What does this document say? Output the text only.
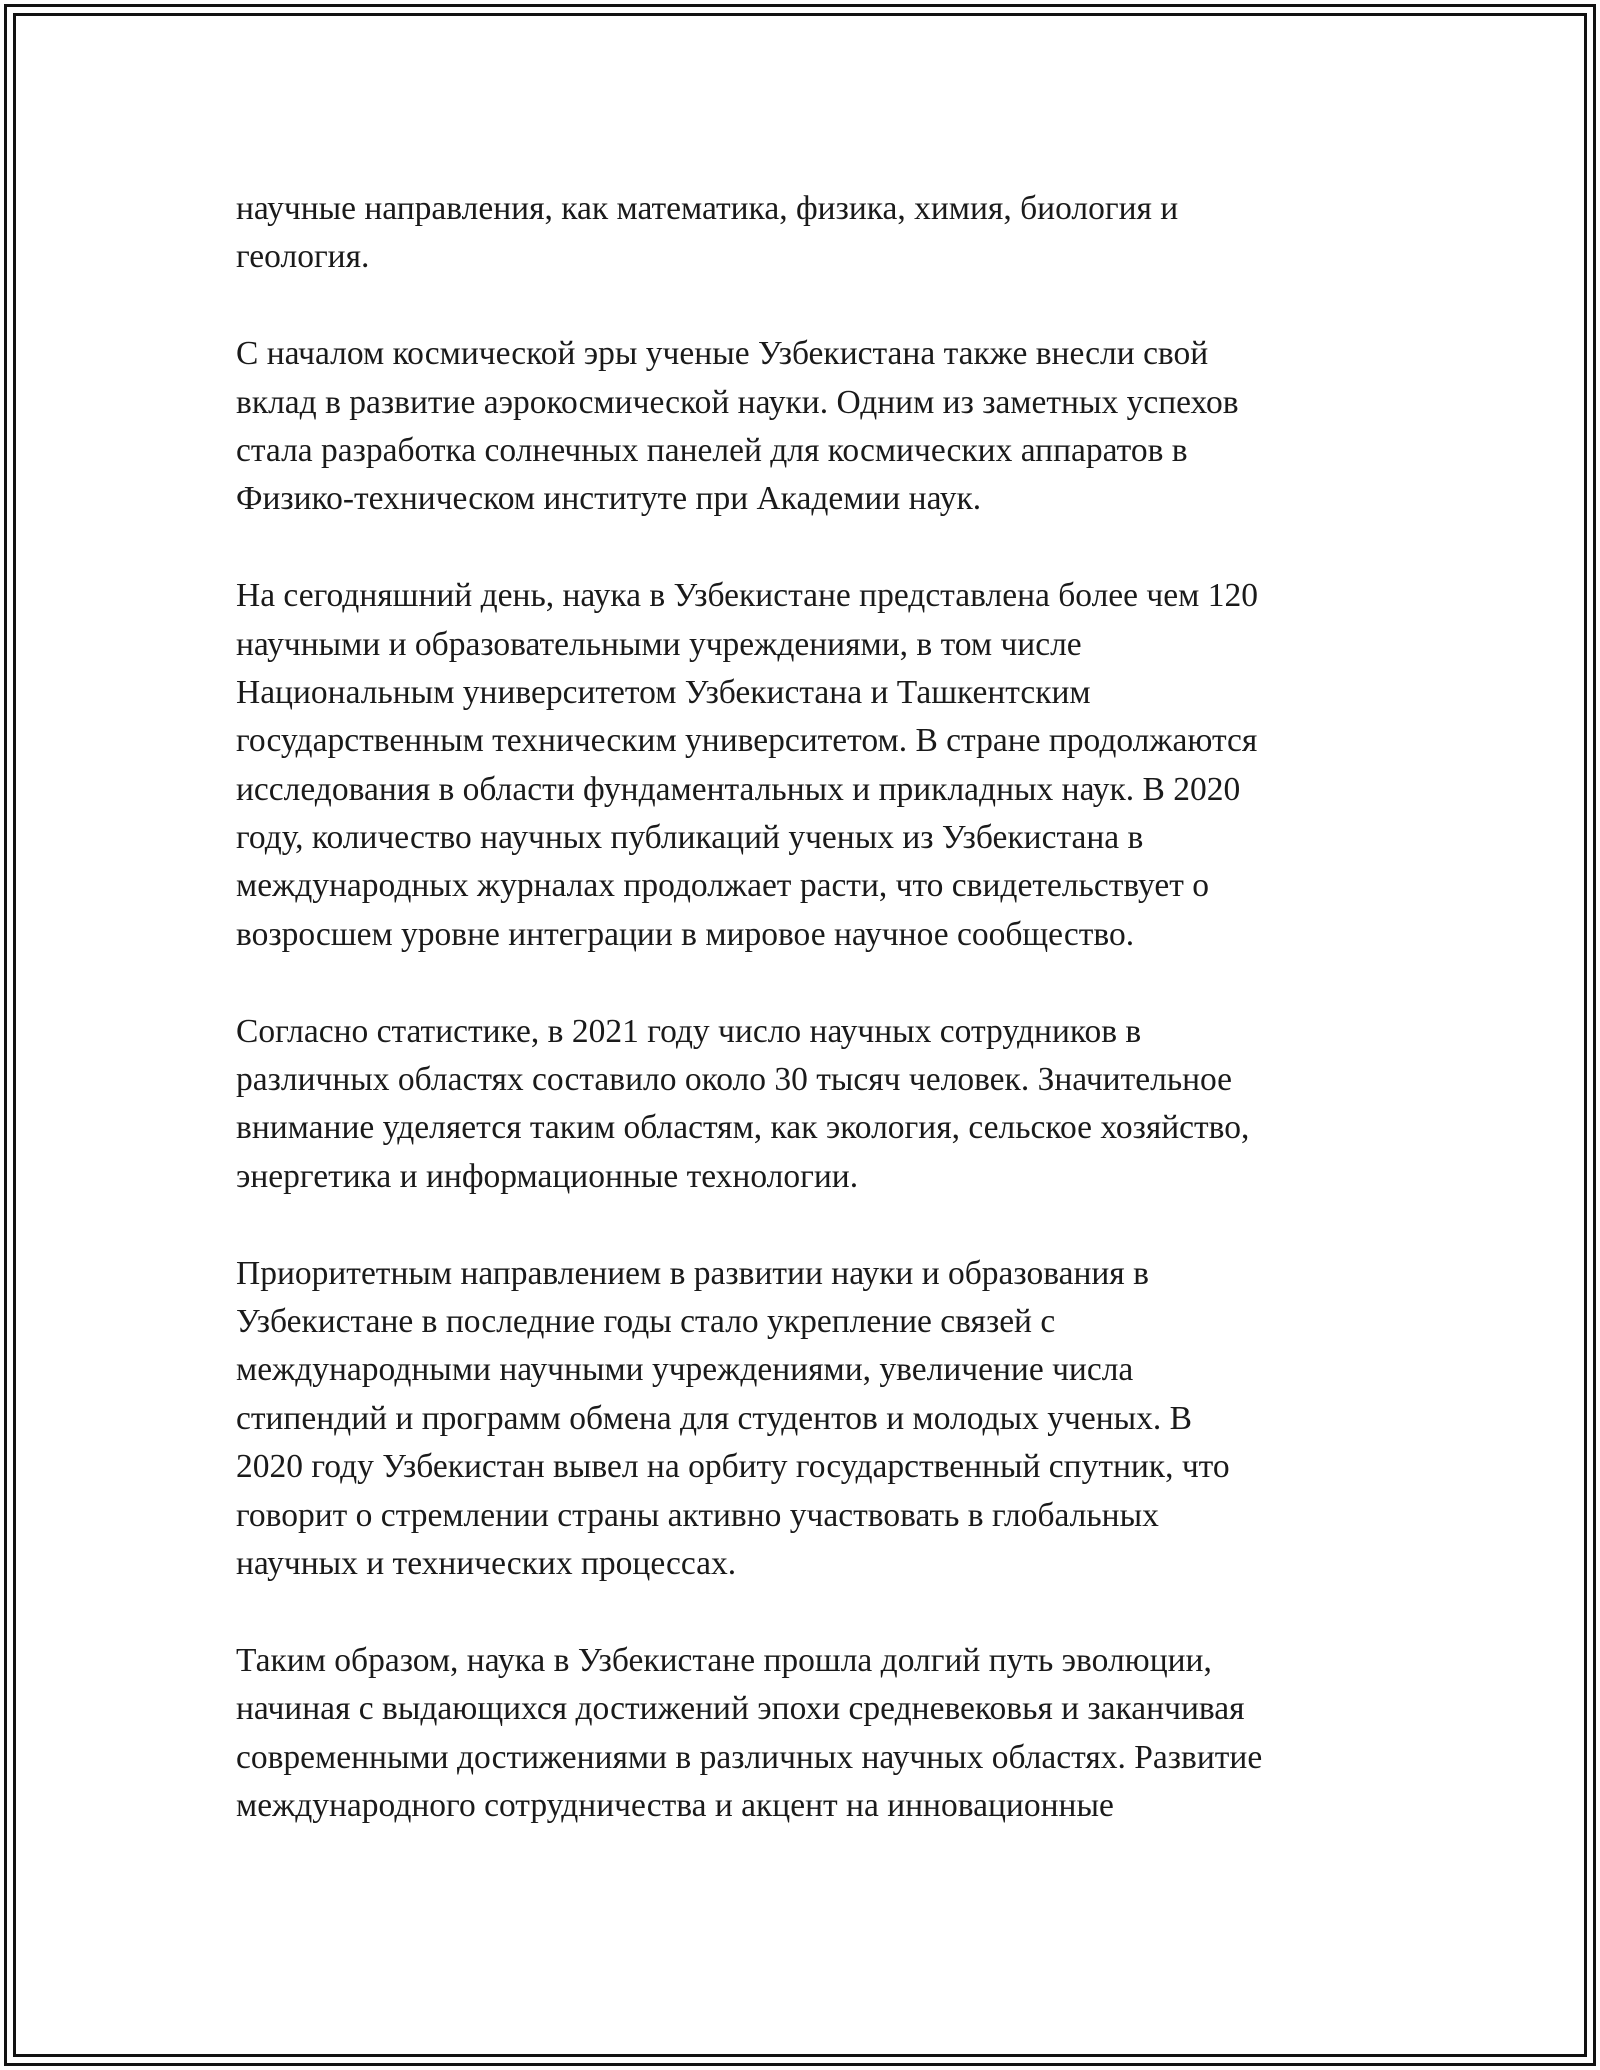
научные направления, как математика, физика, химия, биология и
геология.

С началом космической эры ученые Узбекистана также внесли свой
вклад в развитие аэрокосмической науки. Одним из заметных успехов
стала разработка солнечных панелей для космических аппаратов в
Физико-техническом институте при Академии наук.

На сегодняшний день, наука в Узбекистане представлена более чем 120
научными и образовательными учреждениями, в том числе
Национальным университетом Узбекистана и Ташкентским
государственным техническим университетом. В стране продолжаются
исследования в области фундаментальных и прикладных наук. В 2020
году, количество научных публикаций ученых из Узбекистана в
международных журналах продолжает расти, что свидетельствует о
возросшем уровне интеграции в мировое научное сообщество.

Согласно статистике, в 2021 году число научных сотрудников в
различных областях составило около 30 тысяч человек. Значительное
внимание уделяется таким областям, как экология, сельское хозяйство,
энергетика и информационные технологии.

Приоритетным направлением в развитии науки и образования в
Узбекистане в последние годы стало укрепление связей с
международными научными учреждениями, увеличение числа
стипендий и программ обмена для студентов и молодых ученых. В
2020 году Узбекистан вывел на орбиту государственный спутник, что
говорит о стремлении страны активно участвовать в глобальных
научных и технических процессах.

Таким образом, наука в Узбекистане прошла долгий путь эволюции,
начиная с выдающихся достижений эпохи средневековья и заканчивая
современными достижениями в различных научных областях. Развитие
международного сотрудничества и акцент на инновационные
